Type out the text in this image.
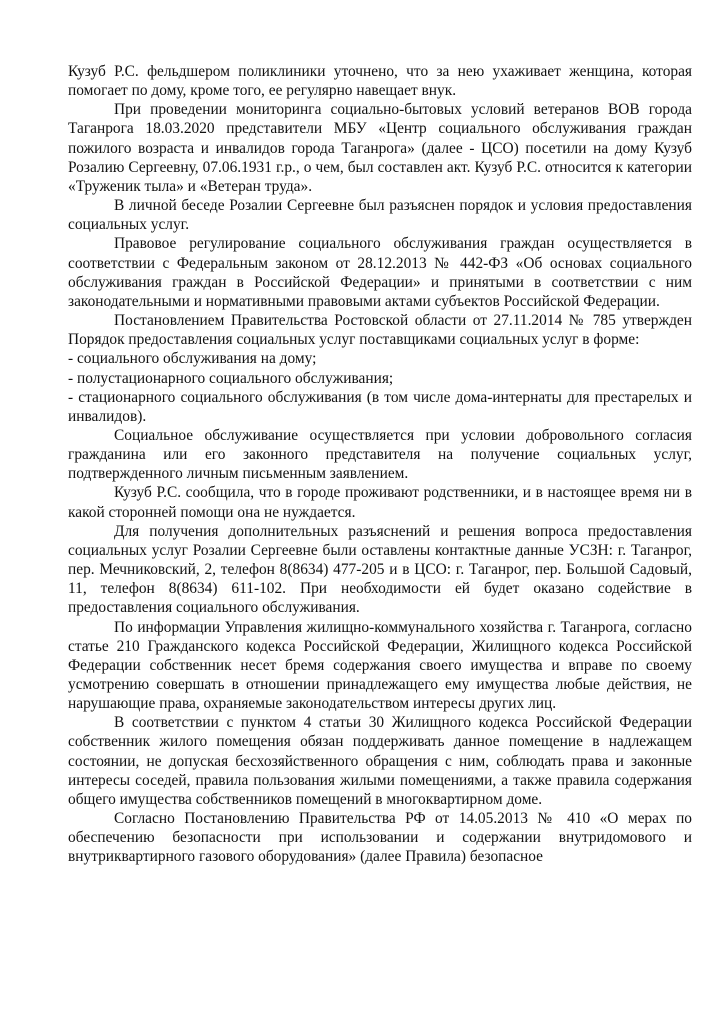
Кузуб Р.С. фельдшером поликлиники уточнено, что за нею ухаживает женщина, которая помогает по дому, кроме того, ее регулярно навещает внук.

При проведении мониторинга социально-бытовых условий ветеранов ВОВ города Таганрога 18.03.2020 представители МБУ «Центр социального обслуживания граждан пожилого возраста и инвалидов города Таганрога» (далее - ЦСО) посетили на дому Кузуб Розалию Сергеевну, 07.06.1931 г.р., о чем, был составлен акт. Кузуб Р.С. относится к категории «Труженик тыла» и «Ветеран труда».

В личной беседе Розалии Сергеевне был разъяснен порядок и условия предоставления социальных услуг.

Правовое регулирование социального обслуживания граждан осуществляется в соответствии с Федеральным законом от 28.12.2013 № 442-ФЗ «Об основах социального обслуживания граждан в Российской Федерации» и принятыми в соответствии с ним законодательными и нормативными правовыми актами субъектов Российской Федерации.

Постановлением Правительства Ростовской области от 27.11.2014 № 785 утвержден Порядок предоставления социальных услуг поставщиками социальных услуг в форме:

- социального обслуживания на дому;
- полустационарного социального обслуживания;
- стационарного социального обслуживания (в том числе дома-интернаты для престарелых и инвалидов).

Социальное обслуживание осуществляется при условии добровольного согласия гражданина или его законного представителя на получение социальных услуг, подтвержденного личным письменным заявлением.

Кузуб Р.С. сообщила, что в городе проживают родственники, и в настоящее время ни в какой сторонней помощи она не нуждается.

Для получения дополнительных разъяснений и решения вопроса предоставления социальных услуг Розалии Сергеевне были оставлены контактные данные УСЗН: г. Таганрог, пер. Мечниковский, 2, телефон 8(8634) 477-205 и в ЦСО: г. Таганрог, пер. Большой Садовый, 11, телефон 8(8634) 611-102. При необходимости ей будет оказано содействие в предоставления социального обслуживания.

По информации Управления жилищно-коммунального хозяйства г. Таганрога, согласно статье 210 Гражданского кодекса Российской Федерации, Жилищного кодекса Российской Федерации собственник несет бремя содержания своего имущества и вправе по своему усмотрению совершать в отношении принадлежащего ему имущества любые действия, не нарушающие права, охраняемые законодательством интересы других лиц.

В соответствии с пунктом 4 статьи 30 Жилищного кодекса Российской Федерации собственник жилого помещения обязан поддерживать данное помещение в надлежащем состоянии, не допуская бесхозяйственного обращения с ним, соблюдать права и законные интересы соседей, правила пользования жилыми помещениями, а также правила содержания общего имущества собственников помещений в многоквартирном доме.

Согласно Постановлению Правительства РФ от 14.05.2013 № 410 «О мерах по обеспечению безопасности при использовании и содержании внутридомового и внутриквартирного газового оборудования» (далее Правила) безопасное
